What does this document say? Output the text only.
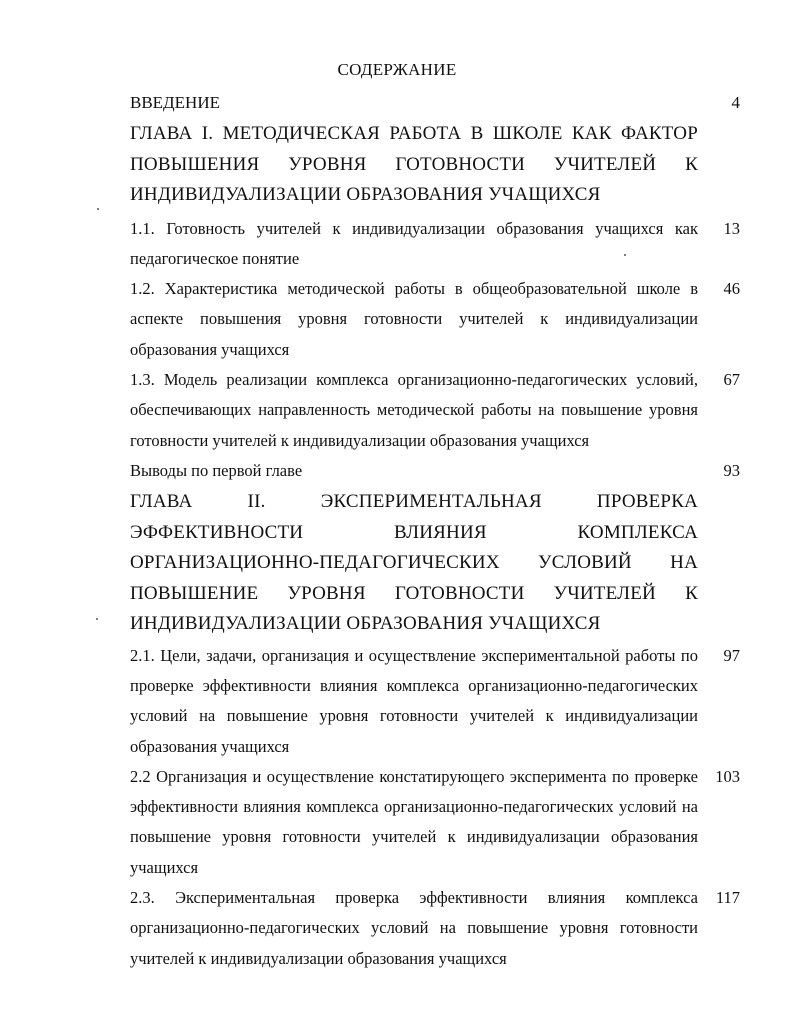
СОДЕРЖАНИЕ
ВВЕДЕНИЕ	4
ГЛАВА I. МЕТОДИЧЕСКАЯ РАБОТА В ШКОЛЕ КАК ФАКТОР ПОВЫШЕНИЯ УРОВНЯ ГОТОВНОСТИ УЧИТЕЛЕЙ К ИНДИВИДУАЛИЗАЦИИ ОБРАЗОВАНИЯ УЧАЩИХСЯ
1.1. Готовность учителей к индивидуализации образования учащихся как педагогическое понятие
13
1.2. Характеристика методической работы в общеобразовательной школе в аспекте повышения уровня готовности учителей к индивидуализации образования учащихся
46
1.3. Модель реализации комплекса организационно-педагогических условий, обеспечивающих направленность методической работы на повышение уровня готовности учителей к индивидуализации образования учащихся
67
Выводы по первой главе	93
ГЛАВА II. ЭКСПЕРИМЕНТАЛЬНАЯ ПРОВЕРКА ЭФФЕКТИВНОСТИ ВЛИЯНИЯ КОМПЛЕКСА ОРГАНИЗАЦИОННО-ПЕДАГОГИЧЕСКИХ УСЛОВИЙ НА ПОВЫШЕНИЕ УРОВНЯ ГОТОВНОСТИ УЧИТЕЛЕЙ К ИНДИВИДУАЛИЗАЦИИ ОБРАЗОВАНИЯ УЧАЩИХСЯ
2.1. Цели, задачи, организация и осуществление экспериментальной работы по проверке эффективности влияния комплекса организационно-педагогических условий на повышение уровня готовности учителей к индивидуализации образования учащихся
97
2.2 Организация и осуществление констатирующего эксперимента по проверке эффективности влияния комплекса организационно-педагогических условий на повышение уровня готовности учителей к индивидуализации образования учащихся
103
2.3. Экспериментальная проверка эффективности влияния комплекса организационно-педагогических условий на повышение уровня готовности учителей к индивидуализации образования учащихся
117
